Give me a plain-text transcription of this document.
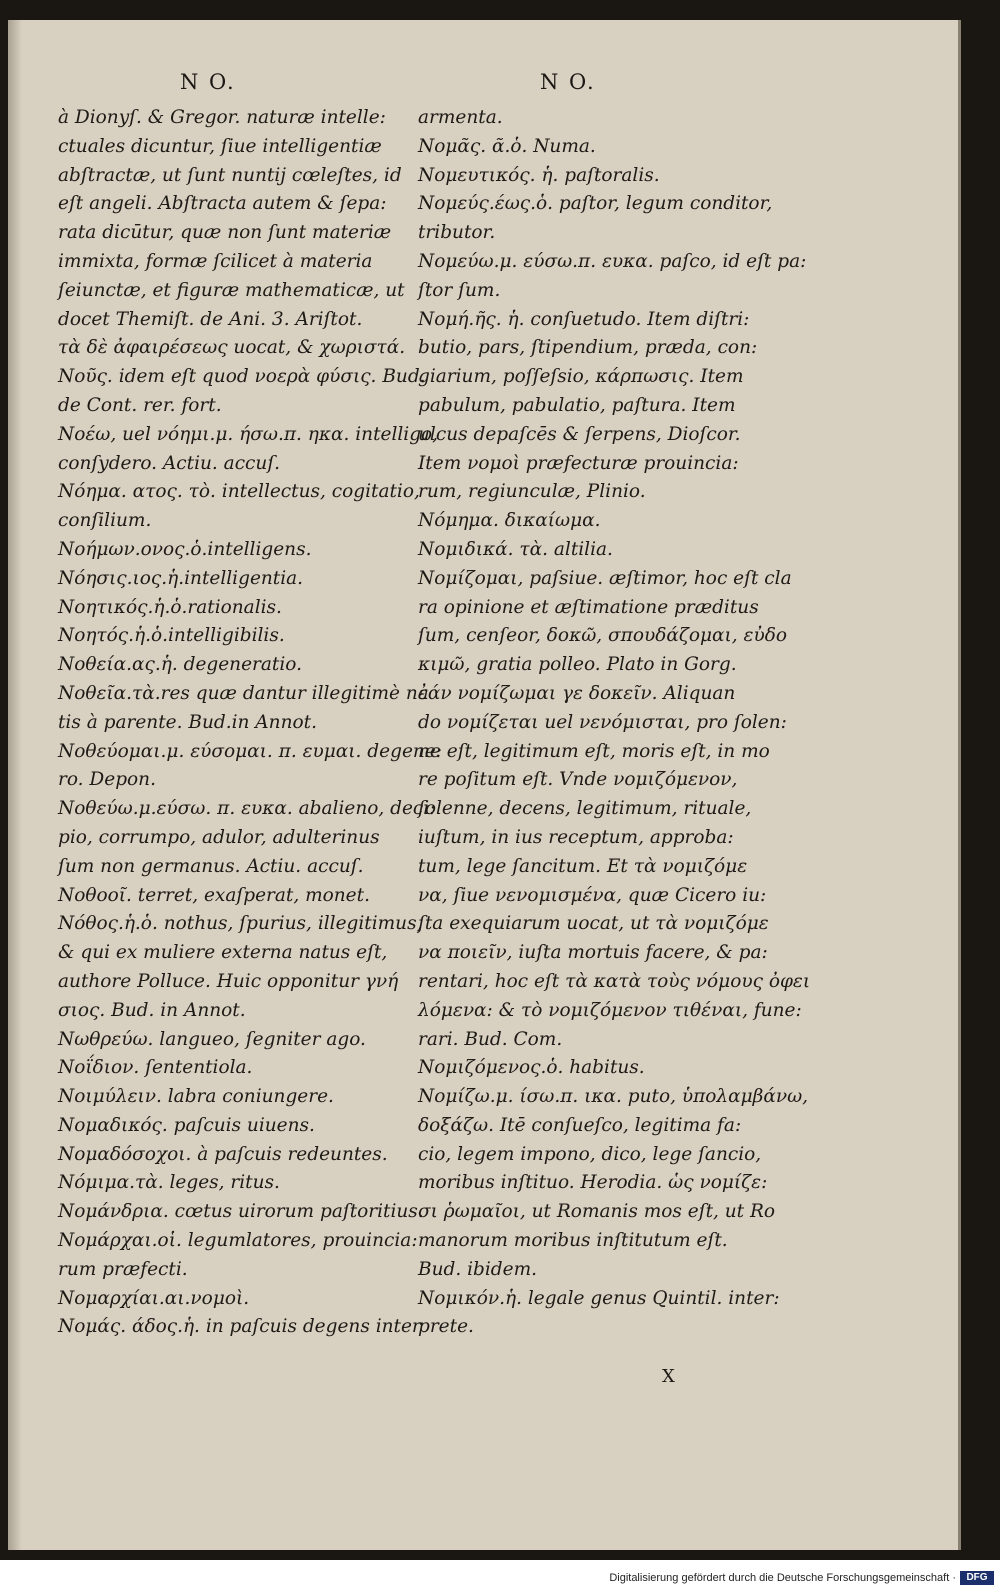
N O.	N O.
à Dionyſ. & Gregor. naturæ intelle:
ctuales dicuntur, ſiue intelligentiæ
abſtractæ, ut ſunt nuntij cœleſtes, id
eſt angeli. Abſtracta autem & ſepa:
rata dicūtur, quæ non ſunt materiæ
immixta, formæ ſcilicet à materia
ſeiunctæ, et figuræ mathematicæ, ut
docet Themiſt. de Ani. 3. Ariſtot.
τὰ δὲ ἀφαιρέσεως uocat, & χωριστά.
Νοῦς. idem eſt quod νοερὰ φύσις. Bud.
de Cont. rer. fort.
Νοέω, uel νόημι.μ. ήσω.π. ηκα. intelligo,
conſydero. Actiu. accuſ.
Νόημα. ατος. τὸ. intellectus, cogitatio,
conſilium.
Νοήμων.ονος.ὁ.intelligens.
Νόησις.ιος.ἡ.intelligentia.
Νοητικός.ἡ.ὁ.rationalis.
Νοητός.ἡ.ὁ.intelligibilis.
Νοθεία.ας.ἡ. degeneratio.
Νοθεῖα.τὰ.res quæ dantur illegitimè na
tis à parente. Bud.in Annot.
Νοθεύομαι.μ. εύσομαι. π. ευμαι. degene:
ro. Depon.
Νοθεύω.μ.εύσω. π. ευκα. abalieno, deci:
pio, corrumpo, adulor, adulterinus
ſum non germanus. Actiu. accuſ.
Νοθοοῖ. terret, exaſperat, monet.
Νόθος.ἡ.ὁ. nothus, ſpurius, illegitimus,
& qui ex muliere externa natus eſt,
authore Polluce. Huic opponitur γνή
σιος. Bud. in Annot.
Νωθρεύω. langueo, ſegniter ago.
Νοΐδιον. ſententiola.
Νοιμύλειν. labra coniungere.
Νομαδικός. paſcuis uiuens.
Νομαδόσοχοι. à paſcuis redeuntes.
Νόμιμα.τὰ. leges, ritus.
Νομάνδρια. cœtus uirorum paſtoritius.
Νομάρχαι.οἱ. legumlatores, prouincia:
rum præfecti.
Νομαρχίαι.αι.νομοὶ.
Νομάς. άδος.ἡ. in paſcuis degens inter
armenta.
Νομᾶς. ᾶ.ὁ. Numa.
Νομευτικός. ἡ. paſtoralis.
Νομεύς.έως.ὁ. paſtor, legum conditor,
tributor.
Νομεύω.μ. εύσω.π. ευκα. paſco, id eſt pa:
ſtor ſum.
Νομή.ῆς. ἡ. conſuetudo. Item diſtri:
butio, pars, ſtipendium, præda, con:
giarium, poſſeſsio, κάρπωσις. Item
pabulum, pabulatio, paſtura. Item
ulcus depaſcēs & ſerpens, Dioſcor.
Item νομοὶ præfecturæ prouincia:
rum, regiunculæ, Plinio.
Νόμημα. δικαίωμα.
Νομιδικά. τὰ. altilia.
Νομίζομαι, paſsiue. æſtimor, hoc eſt cla
ra opinione et æſtimatione præditus
ſum, cenſeor, δοκῶ, σπουδάζομαι, εὐδο
κιμῶ, gratia polleo. Plato in Gorg.
ἐάν νομίζωμαι γε δοκεῖν. Aliquan
do νομίζεται uel νενόμισται, pro ſolen:
ne eſt, legitimum eſt, moris eſt, in mo
re poſitum eſt. Vnde νομιζόμενον,
ſolenne, decens, legitimum, rituale,
iuſtum, in ius receptum, approba:
tum, lege ſancitum. Et τὰ νομιζόμε
να, ſiue νενομισμένα, quæ Cicero iu:
ſta exequiarum uocat, ut τὰ νομιζόμε
να ποιεῖν, iuſta mortuis facere, & pa:
rentari, hoc eſt τὰ κατὰ τοὺς νόμους ὀφει
λόμενα: & τὸ νομιζόμενον τιθέναι, fune:
rari. Bud. Com.
Νομιζόμενος.ὁ. habitus.
Νομίζω.μ. ίσω.π. ικα. puto, ὑπολαμβάνω,
δοξάζω. Itē conſueſco, legitima fa:
cio, legem impono, dico, lege ſancio,
moribus inſtituo. Herodia. ὡς νομίζε:
σι ῥωμαῖοι, ut Romanis mos eſt, ut Ro
manorum moribus inſtitutum eſt.
Bud. ibidem.
Νομικόν.ἡ. legale genus Quintil. inter:
prete.
X
Digitalisierung gefördert durch die Deutsche Forschungsgemeinschaft ·	DFG
